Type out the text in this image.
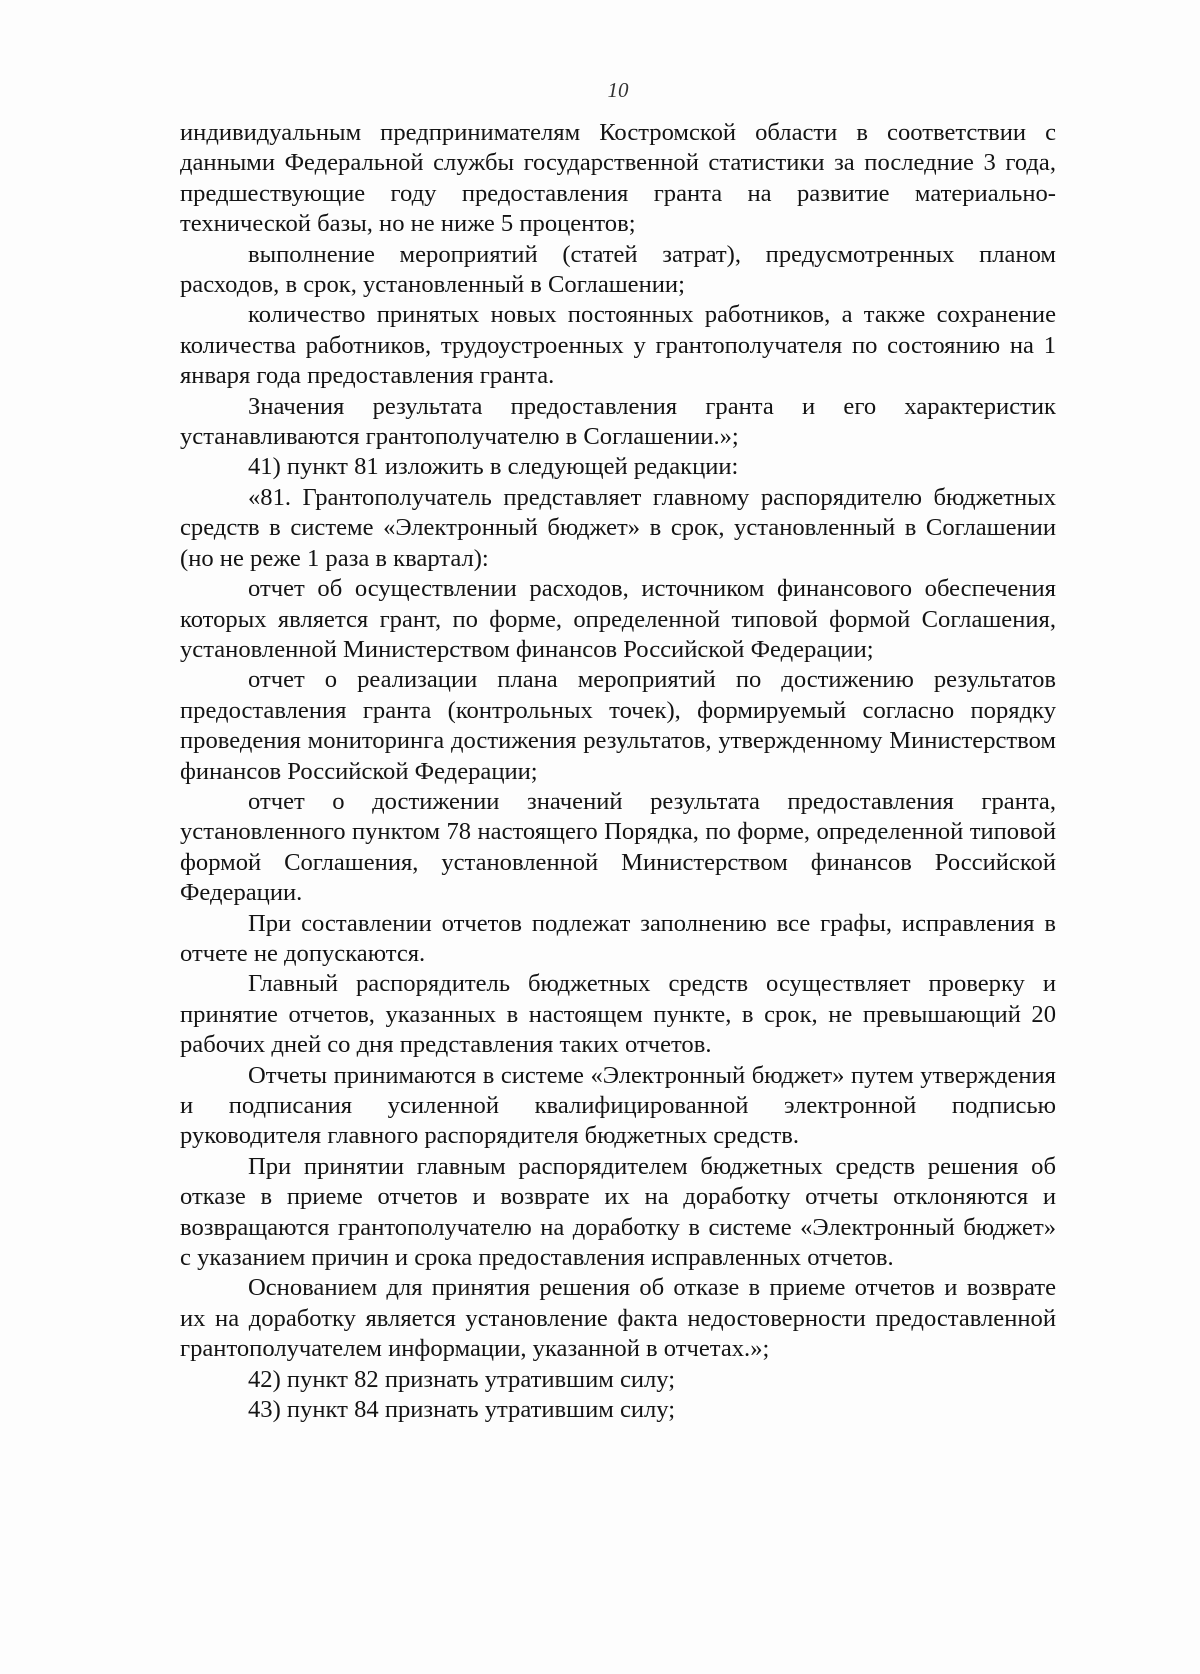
10

индивидуальным предпринимателям Костромской области в соответствии с данными Федеральной службы государственной статистики за последние 3 года, предшествующие году предоставления гранта на развитие материально-технической базы, но не ниже 5 процентов;

выполнение мероприятий (статей затрат), предусмотренных планом расходов, в срок, установленный в Соглашении;

количество принятых новых постоянных работников, а также сохранение количества работников, трудоустроенных у грантополучателя по состоянию на 1 января года предоставления гранта.

Значения результата предоставления гранта и его характеристик устанавливаются грантополучателю в Соглашении.»;

41) пункт 81 изложить в следующей редакции:

«81. Грантополучатель представляет главному распорядителю бюджетных средств в системе «Электронный бюджет» в срок, установленный в Соглашении (но не реже 1 раза в квартал):

отчет об осуществлении расходов, источником финансового обеспечения которых является грант, по форме, определенной типовой формой Соглашения, установленной Министерством финансов Российской Федерации;

отчет о реализации плана мероприятий по достижению результатов предоставления гранта (контрольных точек), формируемый согласно порядку проведения мониторинга достижения результатов, утвержденному Министерством финансов Российской Федерации;

отчет о достижении значений результата предоставления гранта, установленного пунктом 78 настоящего Порядка, по форме, определенной типовой формой Соглашения, установленной Министерством финансов Российской Федерации.

При составлении отчетов подлежат заполнению все графы, исправления в отчете не допускаются.

Главный распорядитель бюджетных средств осуществляет проверку и принятие отчетов, указанных в настоящем пункте, в срок, не превышающий 20 рабочих дней со дня представления таких отчетов.

Отчеты принимаются в системе «Электронный бюджет» путем утверждения и подписания усиленной квалифицированной электронной подписью руководителя главного распорядителя бюджетных средств.

При принятии главным распорядителем бюджетных средств решения об отказе в приеме отчетов и возврате их на доработку отчеты отклоняются и возвращаются грантополучателю на доработку в системе «Электронный бюджет» с указанием причин и срока предоставления исправленных отчетов.

Основанием для принятия решения об отказе в приеме отчетов и возврате их на доработку является установление факта недостоверности предоставленной грантополучателем информации, указанной в отчетах.»;

42) пункт 82 признать утратившим силу;

43) пункт 84 признать утратившим силу;
